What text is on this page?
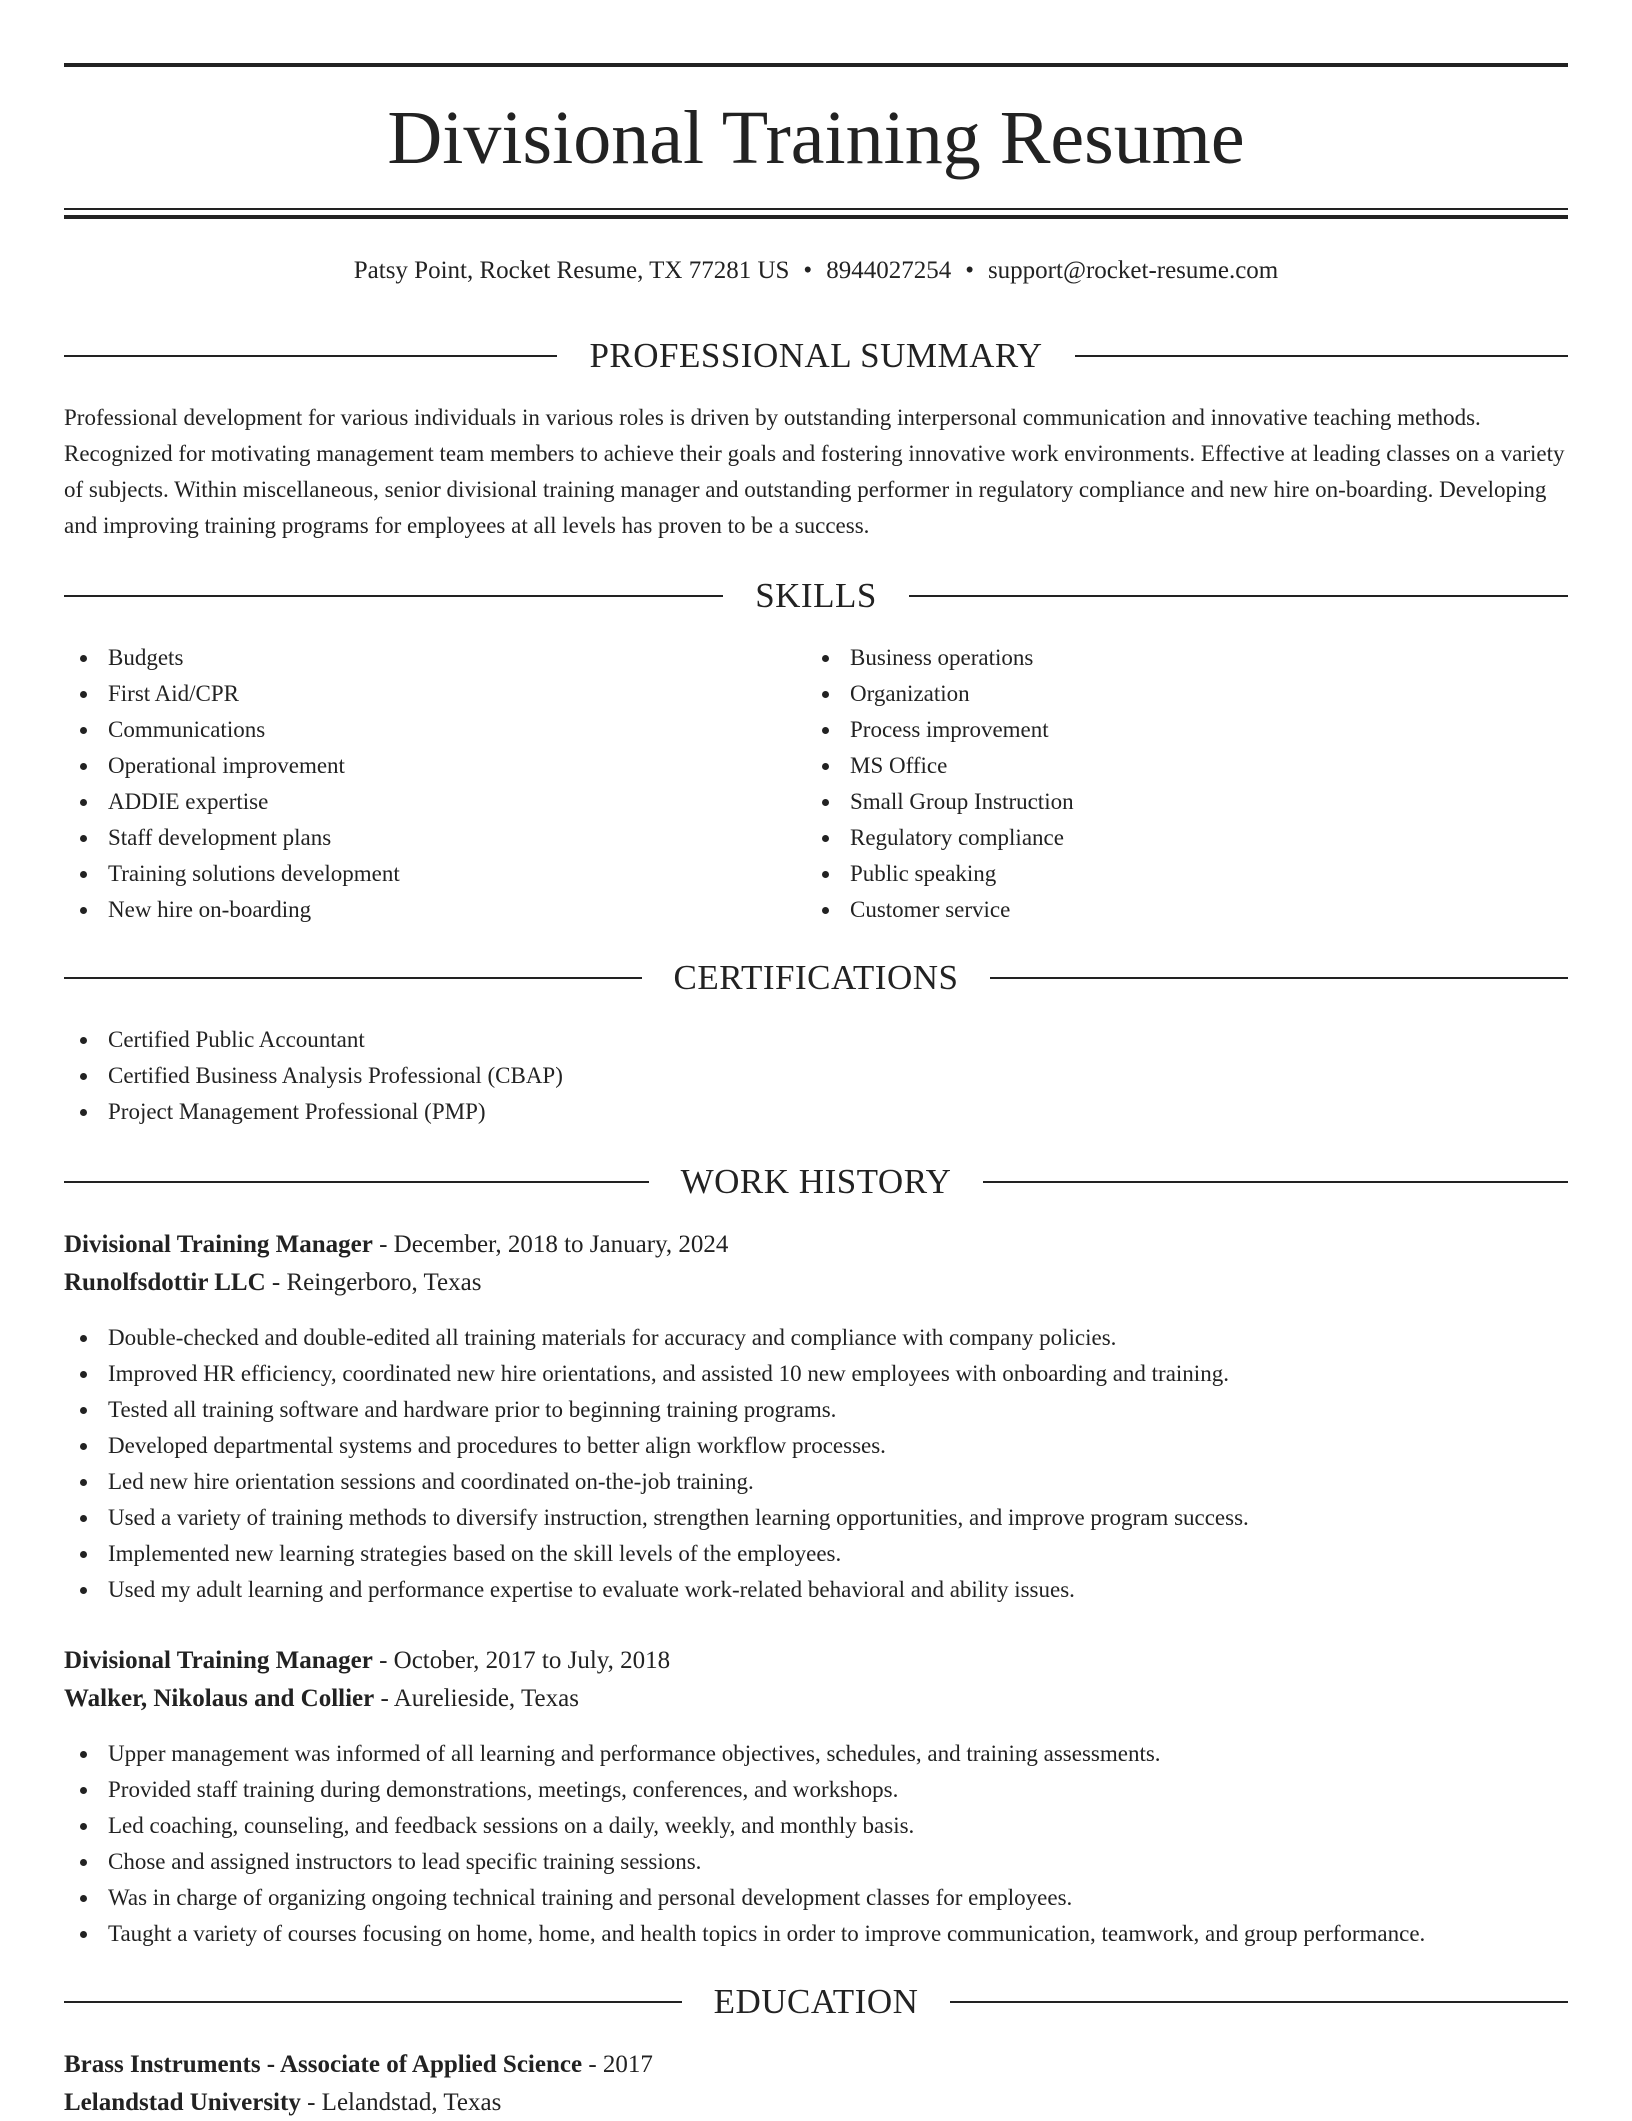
Divisional Training Resume
Patsy Point, Rocket Resume, TX 77281 US • 8944027254 • support@rocket-resume.com
PROFESSIONAL SUMMARY

Professional development for various individuals in various roles is driven by outstanding interpersonal communication and innovative teaching methods. Recognized for motivating management team members to achieve their goals and fostering innovative work environments. Effective at leading classes on a variety of subjects. Within miscellaneous, senior divisional training manager and outstanding performer in regulatory compliance and new hire on-boarding. Developing and improving training programs for employees at all levels has proven to be a success.

SKILLS
Budgets
First Aid/CPR
Communications
Operational improvement
ADDIE expertise
Staff development plans
Training solutions development
New hire on-boarding
Business operations
Organization
Process improvement
MS Office
Small Group Instruction
Regulatory compliance
Public speaking
Customer service
CERTIFICATIONS
Certified Public Accountant
Certified Business Analysis Professional (CBAP)
Project Management Professional (PMP)
WORK HISTORY
Divisional Training Manager - December, 2018 to January, 2024
Runolfsdottir LLC - Reingerboro, Texas
Double-checked and double-edited all training materials for accuracy and compliance with company policies.
Improved HR efficiency, coordinated new hire orientations, and assisted 10 new employees with onboarding and training.
Tested all training software and hardware prior to beginning training programs.
Developed departmental systems and procedures to better align workflow processes.
Led new hire orientation sessions and coordinated on-the-job training.
Used a variety of training methods to diversify instruction, strengthen learning opportunities, and improve program success.
Implemented new learning strategies based on the skill levels of the employees.
Used my adult learning and performance expertise to evaluate work-related behavioral and ability issues.
Divisional Training Manager - October, 2017 to July, 2018
Walker, Nikolaus and Collier - Aurelieside, Texas
Upper management was informed of all learning and performance objectives, schedules, and training assessments.
Provided staff training during demonstrations, meetings, conferences, and workshops.
Led coaching, counseling, and feedback sessions on a daily, weekly, and monthly basis.
Chose and assigned instructors to lead specific training sessions.
Was in charge of organizing ongoing technical training and personal development classes for employees.
Taught a variety of courses focusing on home, home, and health topics in order to improve communication, teamwork, and group performance.
EDUCATION
Brass Instruments - Associate of Applied Science - 2017
Lelandstad University - Lelandstad, Texas
